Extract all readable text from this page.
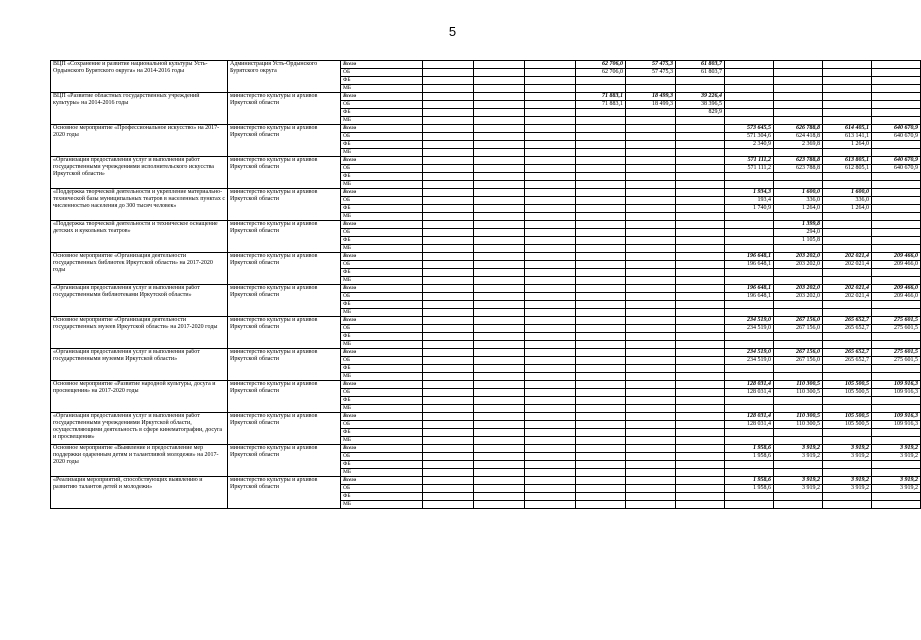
5
ВЦП «Сохранение и развитие национальной культуры Усть-Ордынского Бурятского округа» на 2014-2016 годы	Администрация Усть-Ордынского Бурятского округа	Всего				62 706,0	57 475,3	61 803,7				
		ОБ				62 706,0	57 475,3	61 803,7				
		ФБ										
		МБ										
ВЦП «Развитие областных государственных учреждений культуры» на 2014-2016 годы	министерство культуры и архивов Иркутской области	Всего				71 883,1	18 499,3	39 226,4				
		ОБ				71 883,1	18 499,3	38 396,5				
		ФБ						829,9				
		МБ										
Основное мероприятие «Профессиональное искусство» на 2017-2020 годы	министерство культуры и архивов Иркутской области	Всего							573 645,5	626 788,8	614 405,1	640 670,9
		ОБ							571 304,6	624 418,8	613 141,1	640 670,9
		ФБ							2 340,9	2 369,8	1 264,0	
		МБ										
«Организация предоставления услуг и выполнения работ государственными учреждениями исполнительского искусства Иркутской области»	министерство культуры и архивов Иркутской области	Всего							571 111,2	623 788,8	613 805,1	640 670,9
		ОБ							571 111,2	623 788,8	612 805,1	640 670,9
		ФБ										
		МБ										
«Поддержка творческой деятельности и укрепление материально-технической базы муниципальных театров в населенных пунктах с численностью населения до 300 тысяч человек»	министерство культуры и архивов Иркутской области	Всего							1 934,3	1 600,0	1 600,0	
		ОБ							193,4	336,0	336,0	
		ФБ							1 740,9	1 264,0	1 264,0	
		МБ										
«Поддержка творческой деятельности и техническое оснащение детских и кукольных театров»	министерство культуры и архивов Иркутской области	Всего								1 399,8		
		ОБ								294,0		
		ФБ								1 105,8		
		МБ										
Основное мероприятие «Организация деятельности государственных библиотек Иркутской области» на 2017-2020 годы	министерство культуры и архивов Иркутской области	Всего							196 648,1	203 202,0	202 021,4	209 466,0
		ОБ							196 648,1	203 202,0	202 021,4	209 466,0
		ФБ										
		МБ										
«Организация предоставления услуг и выполнения работ государственными библиотеками Иркутской области»	министерство культуры и архивов Иркутской области	Всего							196 648,1	203 202,0	202 021,4	209 466,0
		ОБ							196 648,1	203 202,0	202 021,4	209 466,0
		ФБ										
		МБ										
Основное мероприятие «Организация деятельности государственных музеев Иркутской области» на 2017-2020 годы	министерство культуры и архивов Иркутской области	Всего							234 519,0	267 156,0	265 652,7	275 601,5
		ОБ							234 519,0	267 156,0	265 652,7	275 601,5
		ФБ										
		МБ										
«Организация предоставления услуг и выполнения работ государственными музеями Иркутской области»	министерство культуры и архивов Иркутской области	Всего							234 519,0	267 156,0	265 652,7	275 601,5
		ОБ							234 519,0	267 156,0	265 652,7	275 601,5
		ФБ										
		МБ										
Основное мероприятие «Развитие народной культуры, досуга и просвещения» на 2017-2020 годы	министерство культуры и архивов Иркутской области	Всего							128 031,4	110 300,5	105 500,5	109 916,3
		ОБ							128 031,4	110 300,5	105 500,5	109 916,3
		ФБ										
		МБ										
«Организация предоставления услуг и выполнения работ государственными учреждениями Иркутской области, осуществляющими деятельность в сфере кинематографии, досуга и просвещения»	министерство культуры и архивов Иркутской области	Всего							128 031,4	110 300,5	105 500,5	109 916,3
		ОБ							128 031,4	110 300,5	105 500,5	109 916,3
		ФБ										
		МБ										
Основное мероприятие «Выявление и предоставление мер поддержки одаренным детям и талантливой молодежи» на 2017-2020 годы	министерство культуры и архивов Иркутской области	Всего							1 958,6	3 919,2	3 919,2	3 919,2
		ОБ							1 958,6	3 919,2	3 919,2	3 919,2
		ФБ										
		МБ										
«Реализация мероприятий, способствующих выявлению и развитию талантов детей и молодежи»	министерство культуры и архивов Иркутской области	Всего							1 958,6	3 919,2	3 919,2	3 919,2
		ОБ							1 958,6	3 919,2	3 919,2	3 919,2
		ФБ										
		МБ										
